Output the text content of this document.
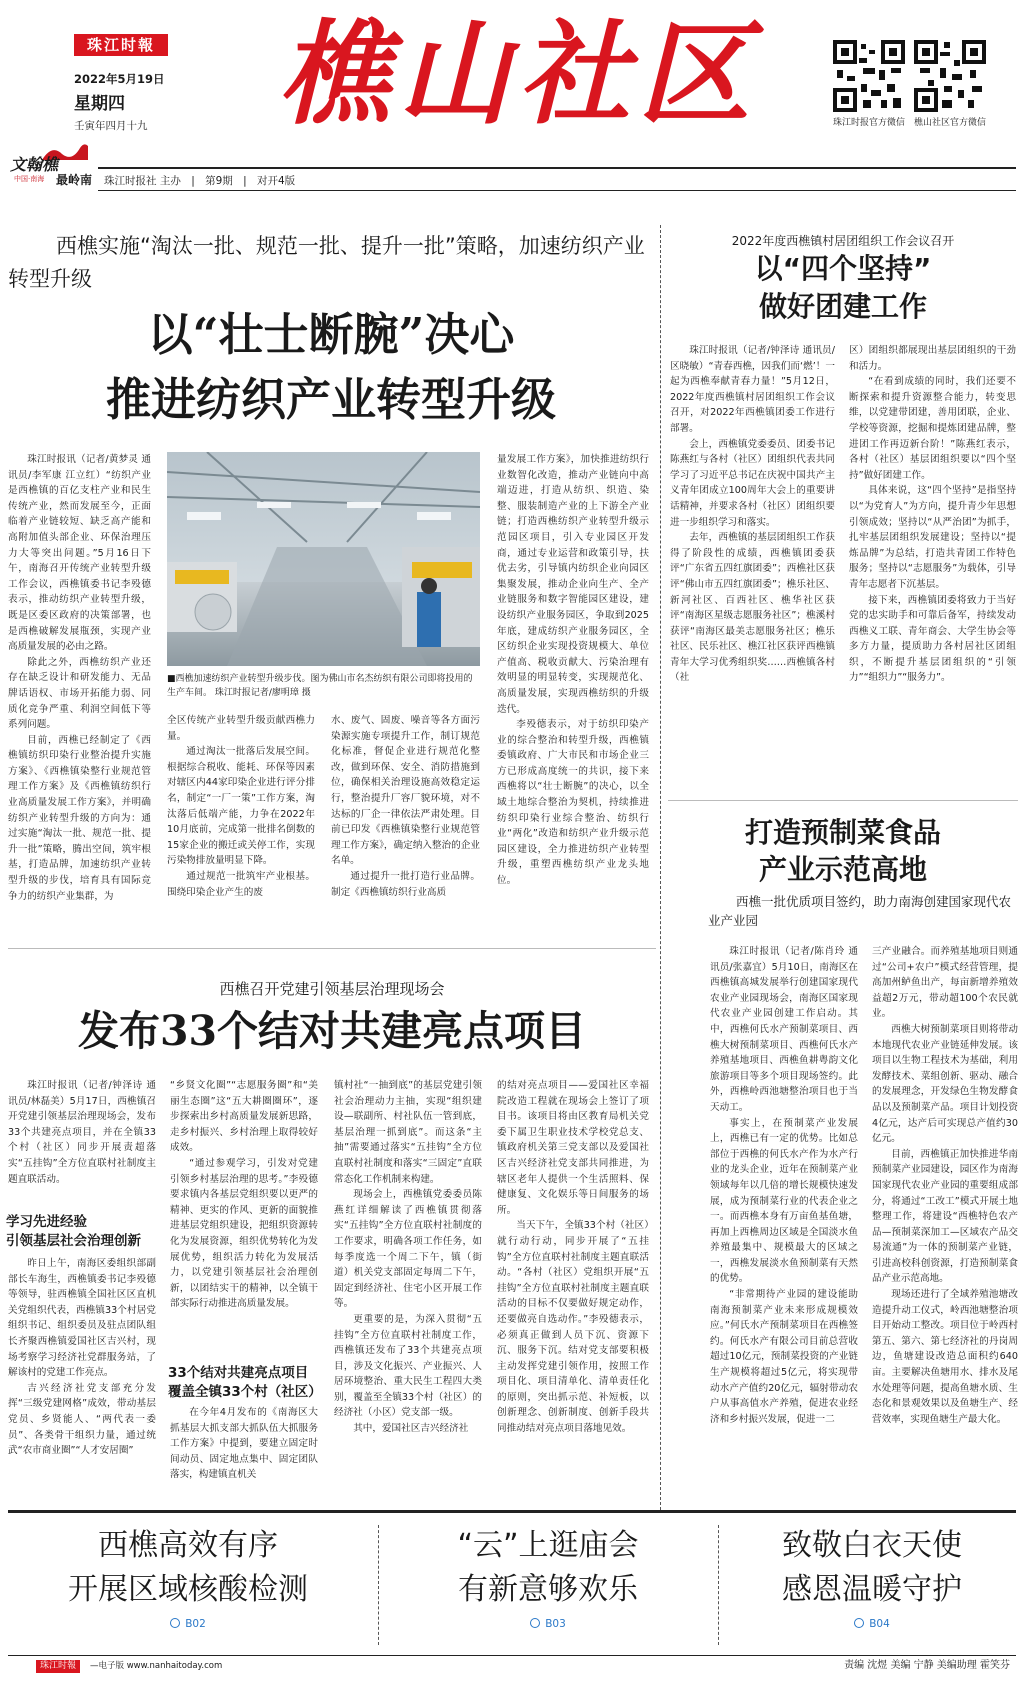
珠江时報
2022年5月19日
星期四
壬寅年四月十九 樵山社区	珠江时报官方微信 樵山社区官方微信
文翰樵
中国·南海 最岭南 珠江时报社 主办 | 第9期 | 对开4版
西樵实施“淘汰一批、规范一批、提升一批”策略，加速纺织产业转型升级
以“壮士断腕”决心
推进纺织产业转型升级

珠江时报讯（记者/黄梦灵 通讯员/李军康 江立红）“纺织产业是西樵镇的百亿支柱产业和民生传统产业，然而发展至今，正面临着产业链较短、缺乏高产能和高附加值头部企业、环保治理压力大等突出问题。”5月16日下午，南海召开传统产业转型升级工作会议，西樵镇委书记李殁德表示，推动纺织产业转型升级，既是区委区政府的决策部署，也是西樵破解发展瓶颈，实现产业高质量发展的必由之路。

除此之外，西樵纺织产业还存在缺乏设计和研发能力、无品牌话语权、市场开拓能力弱、同质化竞争严重、利润空间低下等系列问题。

目前，西樵已经制定了《西樵镇纺织印染行业整治提升实施方案》、《西樵镇染整行业规范管理工作方案》及《西樵镇纺织行业高质量发展工作方案》，并明确纺织产业转型升级的方向为：通过实施“淘汰一批、规范一批、提升一批”策略，腾出空间，筑牢根基，打造品牌，加速纺织产业转型升级的步伐，培育具有国际竞争力的纺织产业集群，为

■西樵加速纺织产业转型升级步伐。图为佛山市名杰纺织有限公司即将投用的生产车间。 珠江时报记者/廖明璋 摄

全区传统产业转型升级贡献西樵力量。

通过淘汰一批落后发展空间。根据综合税收、能耗、环保等因素对辖区内44家印染企业进行评分排名，制定“一厂一策”工作方案，淘汰落后低端产能，力争在2022年10月底前，完成第一批排名倒数的15家企业的搬迁或关停工作，实现污染物排放量明显下降。

通过规范一批筑牢产业根基。围绕印染企业产生的废

水、废气、固废、噪音等各方面污染源实施专项提升工作，制订规范化标准，督促企业进行规范化整改，做到环保、安全、消防措施到位，确保相关治理设施高效稳定运行，整治提升厂容厂貌环境，对不达标的厂企一律依法严肃处理。目前已印发《西樵镇染整行业规范管理工作方案》，确定纳入整治的企业名单。

通过提升一批打造行业品牌。制定《西樵镇纺织行业高质

量发展工作方案》，加快推进纺织行业数智化改造，推动产业链向中高端迈进，打造从纺织、织造、染整、服装制造产业的上下游全产业链；打造西樵纺织产业转型升级示范园区项目，引入专业园区开发商，通过专业运营和政策引导，扶优去劣，引导镇内纺织企业向园区集聚发展，推动企业向生产、全产业链服务和数字智能园区建设，建设纺织产业服务园区，争取到2025年底，建成纺织产业服务园区，全区纺织企业实现投资规模大、单位产值高、税收贡献大、污染治理有效明显的明显转变，实现规范化、高质量发展，实现西樵纺织的升级迭代。

李殁德表示，对于纺织印染产业的综合整治和转型升级，西樵镇委镇政府、广大市民和市场企业三方已形成高度统一的共识，接下来西樵将以“壮士断腕”的决心，以全域土地综合整治为契机，持续推进纺织印染行业综合整治、纺织行业“两化”改造和纺织产业升级示范园区建设，全力推进纺织产业转型升级，重塑西樵纺织产业龙头地位。

2022年度西樵镇村居团组织工作会议召开
以“四个坚持”
做好团建工作

珠江时报讯（记者/钟泽诗 通讯员/区晓敏）“青春西樵，因我们而‘燃’！一起为西樵奉献青春力量！”5月12日，2022年度西樵镇村居团组织工作会议召开，对2022年西樵镇团委工作进行部署。

会上，西樵镇党委委员、团委书记陈燕红与各村（社区）团组织代表共同学习了习近平总书记在庆祝中国共产主义青年团成立100周年大会上的重要讲话精神，并要求各村（社区）团组织要进一步组织学习和落实。

去年，西樵镇的基层团组织工作获得了阶段性的成绩，西樵镇团委获评“广东省五四红旗团委”；西樵社区获评“佛山市五四红旗团委”；樵乐社区、新河社区、百西社区、樵华社区获评“南海区星级志愿服务社区”；樵溪村获评“南海区最美志愿服务社区；樵乐社区、民乐社区、樵江社区获评西樵镇青年大学习优秀组织奖……西樵镇各村（社

区）团组织都展现出基层团组织的干劲和活力。

“在看到成绩的同时，我们还要不断探索和提升资源整合能力，转变思维，以党建带团建，善用团联，企业、学校等资源，挖掘和提炼团建品牌，整进团工作再迈新台阶！”陈燕红表示，各村（社区）基层团组织要以“四个坚持”做好团建工作。

具体来说，这“四个坚持”是指坚持以“为党育人”为方向，提升青少年思想引领成效；坚持以“从严治团”为抓手，扎牢基层团组织发展建设；坚持以“提炼品牌”为总结，打造共青团工作特色服务；坚持以“志愿服务”为载体，引导青年志愿者下沉基层。

接下来，西樵镇团委将致力于当好党的忠实助手和可靠后备军，持续发动西樵义工联、青年商会、大学生协会等多方力量，提质助力各村居社区团组织，不断提升基层团组织的“引领力”“组织力”“服务力”。

打造预制菜食品
产业示范高地
西樵一批优质项目签约，助力南海创建国家现代农业产业园

珠江时报讯（记者/陈肖玲 通讯员/张嘉宜）5月10日，南海区在西樵镇高城发展举行创建国家现代农业产业园现场会，南海区国家现代农业产业园创建工作启动。其中，西樵何氏水产预制菜项目、西樵大树预制菜项目、西樵何氏水产养殖基地项目、西樵鱼耕粤韵文化旅游项目等多个项目现场签约。此外，西樵岭西池塘整治项目也于当天动工。

事实上，在预制菜产业发展上，西樵已有一定的优势。比如总部位于西樵的何氏水产作为水产行业的龙头企业，近年在预制菜产业领域每年以几倍的增长规模快速发展，成为预制菜行业的代表企业之一。而西樵本身有万亩鱼基鱼塘，再加上西樵周边区域是全国淡水鱼养殖最集中、规模最大的区域之一，西樵发展淡水鱼预制菜有天然的优势。

“非常期待产业园的建设能助南海预制菜产业未来形成规模效应。”何氏水产预制菜项目在西樵签约。何氏水产有限公司目前总营收超过10亿元，预制菜投资的产业链生产规模将超过5亿元，将实现带动水产产值约20亿元，辐射带动农户从事高值水产养殖，促进农业经济和乡村振兴发展，促进一二

三产业融合。而养殖基地项目则通过“公司+农户”模式经营管理，提高加州鲈鱼出产，每亩新增养殖效益超2万元，带动超100个农民就业。

西樵大树预制菜项目则将带动本地现代农业产业链延伸发展。该项目以生物工程技术为基础，利用发酵技术、菜组创新、驱动、融合的发展理念，开发绿色生物发酵食品以及预制菜产品。项目计划投资4亿元，达产后可实现总产值约30亿元。

目前，西樵镇正加快推进华南预制菜产业园建设，园区作为南海国家现代农业产业园的重要组成部分，将通过“工改工”模式开展土地整理工作，将建设“西樵特色农产品—预制菜深加工—区域农产品交易流通”为一体的预制菜产业链，引进高校科创资源，打造预制菜食品产业示范高地。

现场还进行了全域养殖池塘改造提升动工仪式，岭西池塘整治项目开始动工整改。项目位于岭西村第五、第六、第七经济社的丹岗周边，鱼塘建设改造总面积约640亩。主要解决鱼塘用水、排水及尾水处理等问题，提高鱼塘水质、生态化和景观效果以及鱼塘生产、经营效率，实现鱼塘生产最大化。

西樵召开党建引领基层治理现场会
发布33个结对共建亮点项目

珠江时报讯（记者/钟泽诗 通讯员/林磊美）5月17日，西樵镇召开党建引领基层治理现场会，发布33个共建亮点项目，并在全镇33个村（社区）同步开展责超落实“五挂钩”全方位直联村社制度主题直联活动。

学习先进经验
引领基层社会治理创新

昨日上午，南海区委组织部副部长车海生，西樵镇委书记李殁德等领导，驻西樵镇全国社区区直机关党组织代表，西樵镇33个村居党组织书记、组织委员及驻点团队组长齐聚西樵镇爱国社区吉兴村，现场考察学习经济社党群服务站，了解该村的党建工作亮点。

吉兴经济社党支部充分发挥“三级党建网格”成效，带动基层党员、乡贤能人、“两代表一委员”、各类骨干组织力量，通过统武“农市商业圈”“人才安居圈”

“乡贤文化圈”“志愿服务圈”和“美丽生态圈”这“五大耕圈圈环”，逐步探索出乡村高质量发展新思路，走乡村振兴、乡村治理上取得较好成效。

“通过参观学习，引发对党建引领乡村基层治理的思考。”李殁德要求镇内各基层党组织要以更严的精神、更实的作风、更新的面貌推进基层党组织建设，把组织资源转化为发展资源，组织优势转化为发展优势，组织活力转化为发展活力，以党建引领基层社会治理创新，以团结实干的精神，以全镇干部实际行动推进高质量发展。

33个结对共建亮点项目
覆盖全镇33个村（社区）

在今年4月发布的《南海区大抓基层大抓支部大抓队伍大抓服务工作方案》中提到，要建立固定时间动员、固定地点集中、固定团队落实，构建镇直机关

镇村社“一抽到底”的基层党建引领社会治理动力主抽，实现“组织建设—联副所、村社队伍一管到底，基层治理一抓到底”。而这条“主抽”需要通过落实“五挂钩”全方位直联村社制度和落实“三固定”直联常态化工作机制来构建。

现场会上，西樵镇党委委员陈燕红详细解读了西樵镇贯彻落实“五挂钩”全方位直联村社制度的工作要求，明确各项工作任务，如每季度选一个周二下午，镇（街道）机关党支部固定每周二下午，固定到经济社、住宅小区开展工作等。

更重要的是，为深入贯彻“五挂钩”全方位直联村社制度工作，西樵镇还发布了33个共建亮点项目，涉及文化振兴、产业振兴、人居环境整治、重大民生工程四大类别，覆盖至全镇33个村（社区）的经济社（小区）党支部一级。

其中，爱国社区吉兴经济社

的结对亮点项目——爱国社区幸福院改造工程就在现场会上签订了项目书。该项目将由区教育局机关党委下属卫生职业技术学校党总支、镇政府机关第三党支部以及爱国社区吉兴经济社党支部共同推进，为辖区老年人提供一个生活照料、保健康复、文化娱乐等日间服务的场所。

当天下午，全镇33个村（社区）就行动行动，同步开展了“五挂钩”全方位直联村社制度主题直联活动。“各村（社区）党组织开展“五挂钩”全方位直联村社制度主题直联活动的目标不仅要做好规定动作，还要做亮自选动作。”李殁德表示，必须真正做到人员下沉、资源下沉、服务下沉。结对党支部要积极主动发挥党建引领作用，按照工作项目化、项目清单化、清单责任化的原则，突出抓示范、补短板，以创新理念、创新制度、创新手段共同推动结对亮点项目落地见效。

西樵高效有序
开展区域核酸检测
B02
“云”上逛庙会
有新意够欢乐
B03
致敬白衣天使
感恩温暖守护
B04
珠江时報	—电子版 www.nanhaitoday.com	责编 沈煜 美编 宁静 美编助理 霍笑芬
